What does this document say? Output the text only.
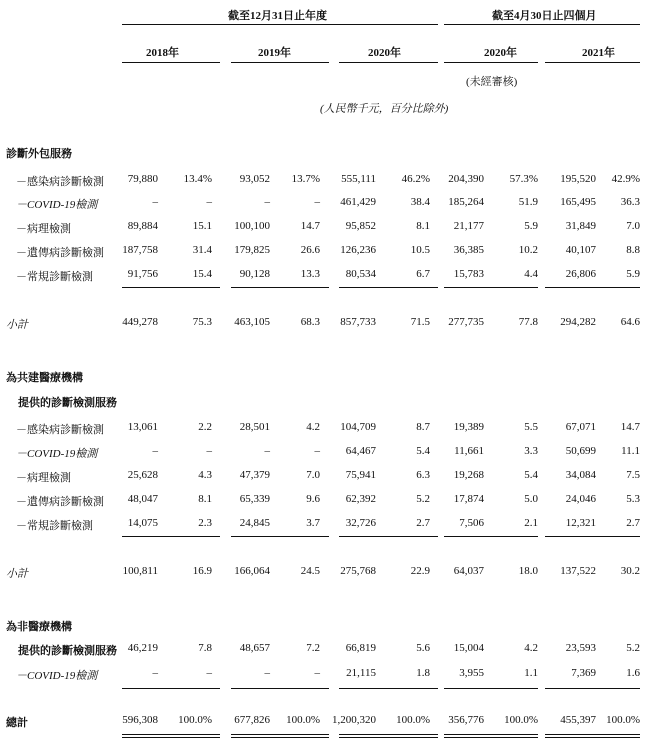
截至12月31日止年度	截至4月30日止四個月
2018年	2019年	2020年	2020年	2021年
(未經審核)
(人民幣千元，百分比除外)
診斷外包服務
－感染病診斷檢測 79,880 13.4%	93,052 13.7% 555,111 46.2% 204,390 57.3% 195,520 42.9%
－COVID-19檢測	–	–	–	– 461,429	38.4 185,264	51.9 165,495 36.3
－病理檢測	89,884	15.1 100,100	14.7 95,852	8.1 21,177	5.9	31,849	7.0
－遺傳病診斷檢測 187,758	31.4 179,825	26.6 126,236	10.5 36,385	10.2	40,107	8.8
－常規診斷檢測	91,756	15.4	90,128	13.3 80,534	6.7 15,783	4.4	26,806	5.9
小計	449,278	75.3 463,105	68.3 857,733	71.5 277,735	77.8 294,282 64.6
為共建醫療機構
提供的診斷檢測服務
－感染病診斷檢測 13,061	2.2	28,501	4.2 104,709	8.7 19,389	5.5	67,071 14.7
－COVID-19檢測	–	–	–	– 64,467	5.4 11,661	3.3	50,699 11.1
－病理檢測	25,628	4.3	47,379	7.0 75,941	6.3 19,268	5.4	34,084	7.5
－遺傳病診斷檢測 48,047	8.1	65,339	9.6 62,392	5.2 17,874	5.0	24,046	5.3
－常規診斷檢測	14,075	2.3	24,845	3.7 32,726	2.7	7,506	2.1	12,321	2.7
小計	100,811	16.9 166,064	24.5 275,768	22.9 64,037	18.0 137,522 30.2
為非醫療機構
提供的診斷檢測服務 46,219	7.8	48,657	7.2 66,819	5.6 15,004	4.2	23,593	5.2
－COVID-19檢測	–	–	–	– 21,115	1.8	3,955	1.1	7,369	1.6
總計	596,308 100.0% 677,826 100.0% 1,200,320 100.0% 356,776 100.0% 455,397 100.0%
